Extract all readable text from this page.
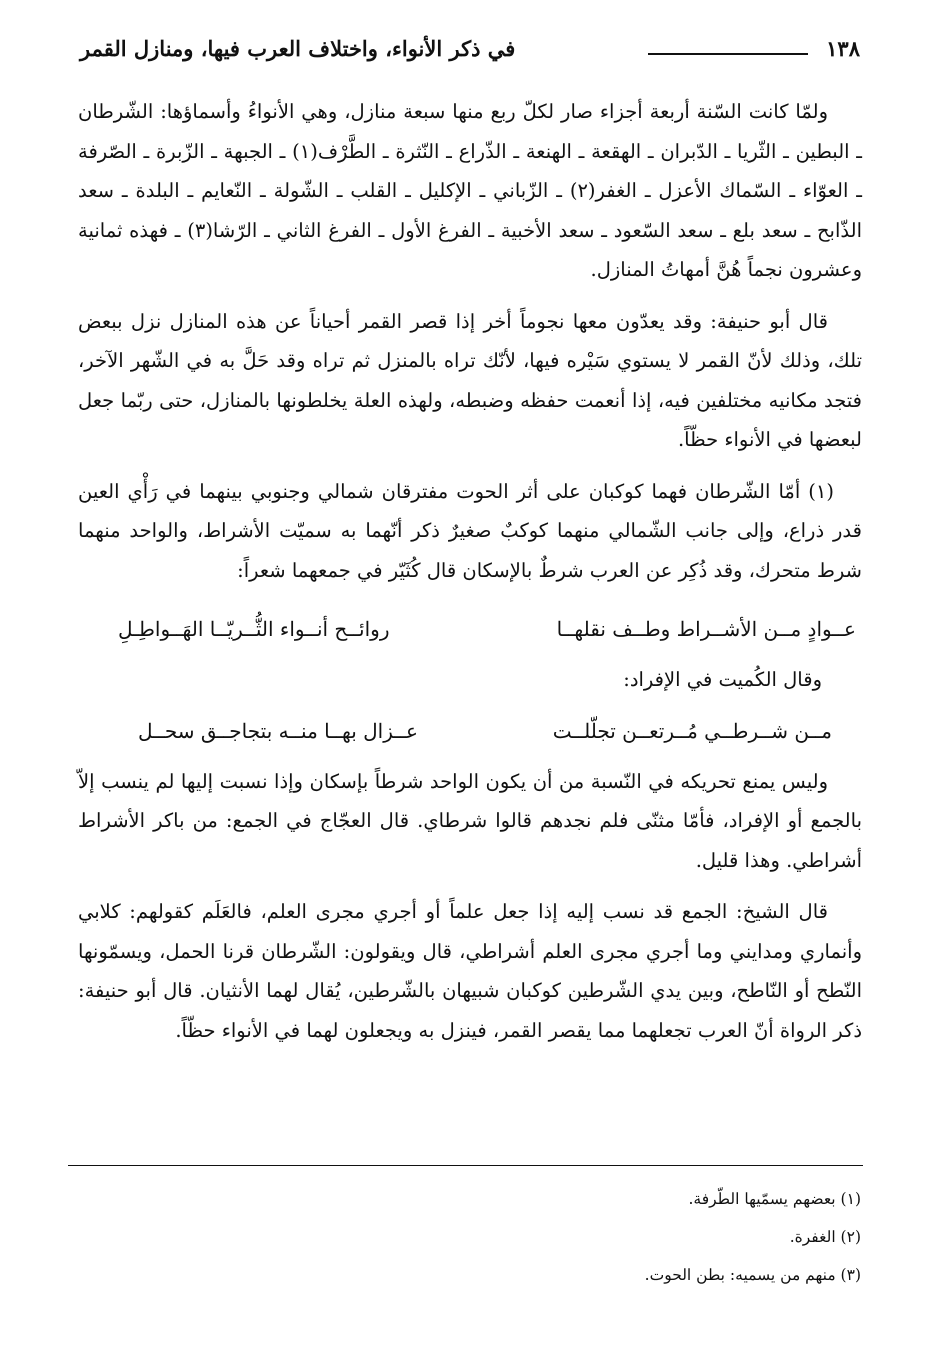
١٣٨
في ذكر الأنواء، واختلاف العرب فيها، ومنازل القمر

ولمّا كانت السّنة أربعة أجزاء صار لكلّ ربع منها سبعة منازل، وهي الأنواءُ وأسماؤها: الشّرطان ـ البطين ـ الثّريا ـ الدّبران ـ الهقعة ـ الهنعة ـ الذّراع ـ النّثرة ـ الطَّرْف(١) ـ الجبهة ـ الزّبرة ـ الصّرفة ـ العوّاء ـ السّماك الأعزل ـ الغفر(٢) ـ الزّباني ـ الإكليل ـ القلب ـ الشّولة ـ النّعايم ـ البلدة ـ سعد الذّابح ـ سعد بلع ـ سعد السّعود ـ سعد الأخبية ـ الفرغ الأول ـ الفرغ الثاني ـ الرّشا(٣) ـ فهذه ثمانية وعشرون نجماً هُنَّ أمهاتُ المنازل.

قال أبو حنيفة: وقد يعدّون معها نجوماً أخر إذا قصر القمر أحياناً عن هذه المنازل نزل ببعض تلك، وذلك لأنّ القمر لا يستوي سَيْره فيها، لأنّك تراه بالمنزل ثم تراه وقد حَلَّ به في الشّهر الآخر، فتجد مكانيه مختلفين فيه، إذا أنعمت حفظه وضبطه، ولهذه العلة يخلطونها بالمنازل، حتى ربّما جعل لبعضها في الأنواء حظّاً.

(١) أمّا الشّرطان فهما كوكبان على أثر الحوت مفترقان شمالي وجنوبي بينهما في رَأْي العين قدر ذراع، وإلى جانب الشّمالي منهما كوكبٌ صغيرٌ ذكر أنّهما به سميّت الأشراط، والواحد منهما شرط متحرك، وقد ذُكِر عن العرب شرطٌ بالإسكان قال كُثَيّر في جمعهما شعراً:

عــوادٍ مــن الأشــراط وطــف نقلهــا
روائــح أنــواء الثُّــريّــا الهَــواطِـلِ

وقال الكُميت في الإفراد:

مــن شــرطــي مُــرتعــن تجلّلــت
عــزال بهــا منــه بتجاجــق سحــل

وليس يمنع تحريكه في النّسبة من أن يكون الواحد شرطاً بإسكان وإذا نسبت إليها لم ينسب إلاّ بالجمع أو الإفراد، فأمّا مثنّى فلم نجدهم قالوا شرطاي. قال العجّاج في الجمع: من باكر الأشراط أشراطي. وهذا قليل.

قال الشيخ: الجمع قد نسب إليه إذا جعل علماً أو أجري مجرى العلم، فالعَلَم كقولهم: كلابي وأنماري ومدايني وما أجري مجرى العلم أشراطي، قال ويقولون: الشّرطان قرنا الحمل، ويسمّونها النّطح أو النّاطح، وبين يدي الشّرطين كوكبان شبيهان بالشّرطين، يُقال لهما الأنثيان. قال أبو حنيفة: ذكر الرواة أنّ العرب تجعلهما مما يقصر القمر، فينزل به ويجعلون لهما في الأنواء حظّاً.

(١) بعضهم يسمّيها الطّرفة.
(٢) الغفرة.
(٣) منهم من يسميه: بطن الحوت.
